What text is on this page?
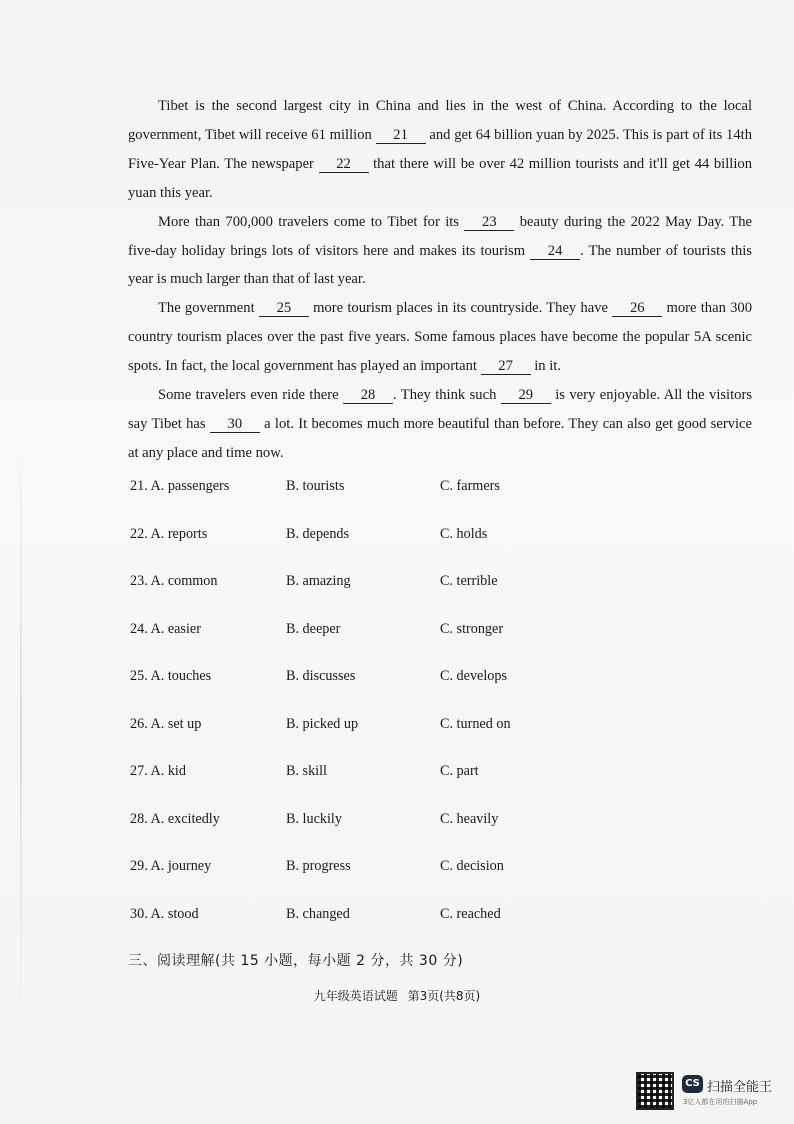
Tibet is the second largest city in China and lies in the west of China. According to the local government, Tibet will receive 61 million 21 and get 64 billion yuan by 2025. This is part of its 14th Five-Year Plan. The newspaper 22 that there will be over 42 million tourists and it'll get 44 billion yuan this year.

More than 700,000 travelers come to Tibet for its 23 beauty during the 2022 May Day. The five-day holiday brings lots of visitors here and makes its tourism 24 . The number of tourists this year is much larger than that of last year.

The government 25 more tourism places in its countryside. They have 26 more than 300 country tourism places over the past five years. Some famous places have become the popular 5A scenic spots. In fact, the local government has played an important 27 in it.

Some travelers even ride there 28 . They think such 29 is very enjoyable. All the visitors say Tibet has 30 a lot. It becomes much more beautiful than before. They can also get good service at any place and time now.

21. A. passengers	B. tourists	C. farmers
22. A. reports	B. depends	C. holds
23. A. common	B. amazing	C. terrible
24. A. easier	B. deeper	C. stronger
25. A. touches	B. discusses	C. develops
26. A. set up	B. picked up	C. turned on
27. A. kid	B. skill	C. part
28. A. excitedly	B. luckily	C. heavily
29. A. journey	B. progress	C. decision
30. A. stood	B. changed	C. reached
三、阅读理解(共 15 小题，每小题 2 分，共 30 分)
九年级英语试题 第3页(共8页)
CS 扫描全能王
3亿人都在用的扫描App
